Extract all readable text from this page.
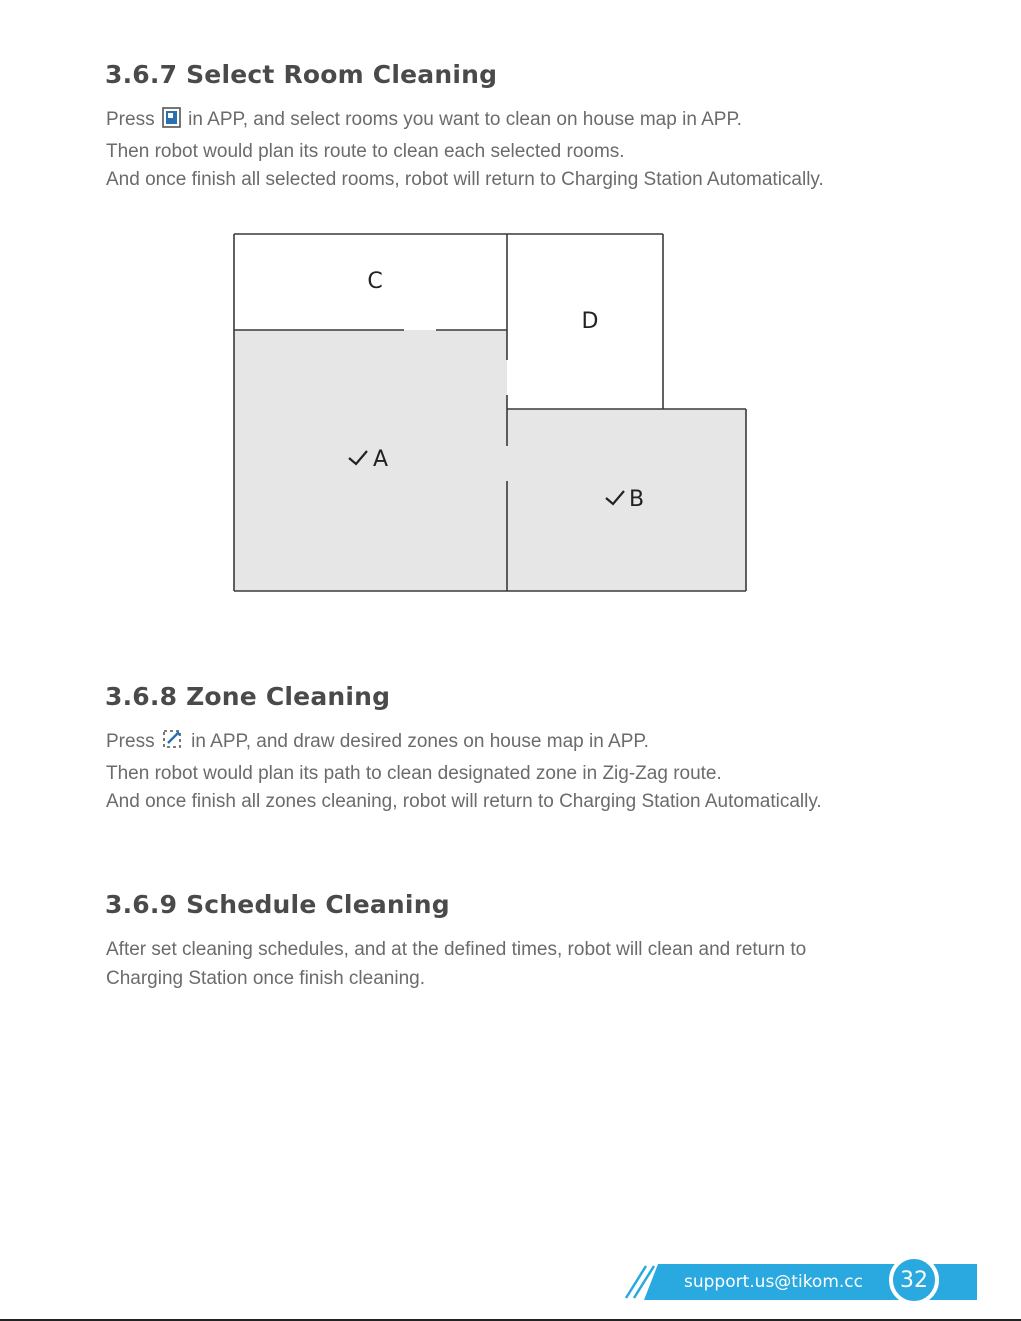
3.6.7 Select Room Cleaning

Press in APP, and select rooms you want to clean on house map in APP.
Then robot would plan its route to clean each selected rooms.
And once finish all selected rooms, robot will return to Charging Station Automatically.

C
D
A
B
3.6.8 Zone Cleaning

Press in APP, and draw desired zones on house map in APP.
Then robot would plan its path to clean designated zone in Zig-Zag route.
And once finish all zones cleaning, robot will return to Charging Station Automatically.

3.6.9 Schedule Cleaning

After set cleaning schedules, and at the defined times, robot will clean and return to
Charging Station once finish cleaning.

support.us@tikom.cc 32
